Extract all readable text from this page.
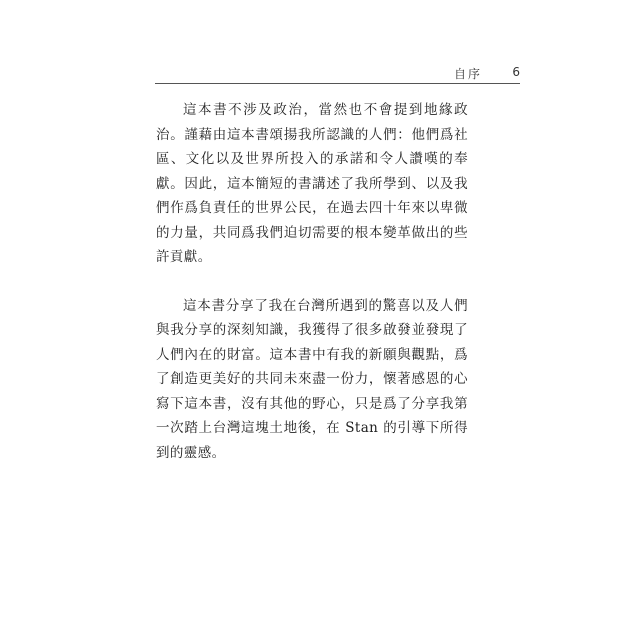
自序	6

這本書不涉及政治，當然也不會提到地緣政治。謹藉由這本書頌揚我所認識的人們：他們爲社區、文化以及世界所投入的承諾和令人讚嘆的奉獻。因此，這本簡短的書講述了我所學到、以及我們作爲負責任的世界公民，在過去四十年來以卑微的力量，共同爲我們迫切需要的根本變革做出的些許貢獻。

這本書分享了我在台灣所遇到的驚喜以及人們與我分享的深刻知識，我獲得了很多啟發並發現了人們內在的財富。這本書中有我的新願與觀點，爲了創造更美好的共同未來盡一份力，懷著感恩的心寫下這本書，沒有其他的野心，只是爲了分享我第一次踏上台灣這塊土地後，在 Stan 的引導下所得到的靈感。
